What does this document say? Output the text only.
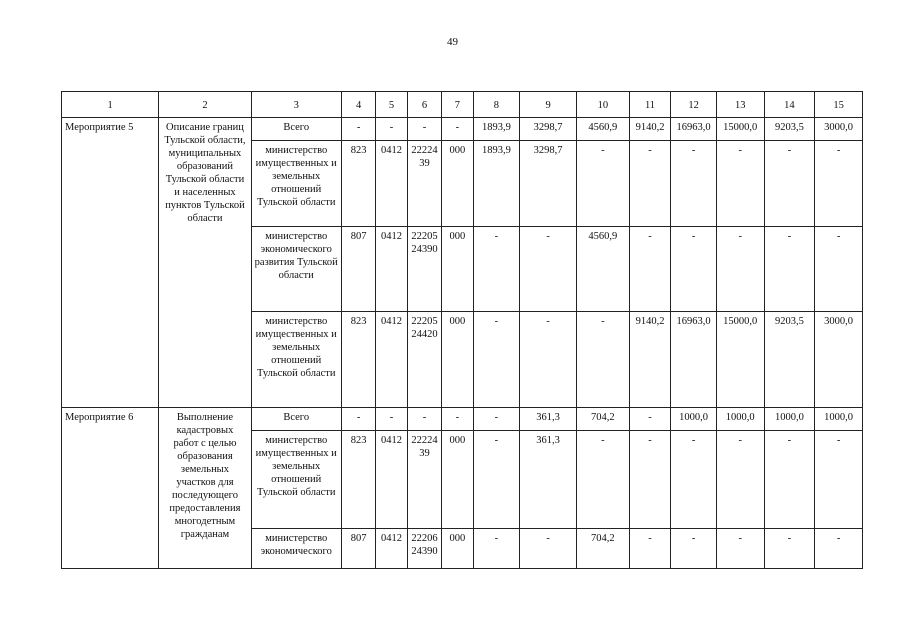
49
1	2	3	4	5	6	7	8	9	10	11	12	13	14	15
Мероприятие 5	Описание границ Тульской области, муниципальных образований Тульской области и населенных пунктов Тульской области	Всего	-	-	-	-	1893,9	3298,7	4560,9	9140,2	16963,0	15000,0	9203,5	3000,0
		министерство имущественных и земельных отношений Тульской области	823	0412	22224 39	000	1893,9	3298,7	-	-	-	-	-	-
		министерство экономического развития Тульской области	807	0412	22205 24390	000	-	-	4560,9	-	-	-	-	-
		министерство имущественных и земельных отношений Тульской области	823	0412	22205 24420	000	-	-	-	9140,2	16963,0	15000,0	9203,5	3000,0
Мероприятие 6	Выполнение кадастровых работ с целью образования земельных участков для последующего предоставления многодетным гражданам	Всего	-	-	-	-	-	361,3	704,2	-	1000,0	1000,0	1000,0	1000,0
		министерство имущественных и земельных отношений Тульской области	823	0412	22224 39	000	-	361,3	-	-	-	-	-	-
		министерство экономического	807	0412	22206 24390	000	-	-	704,2	-	-	-	-	-
